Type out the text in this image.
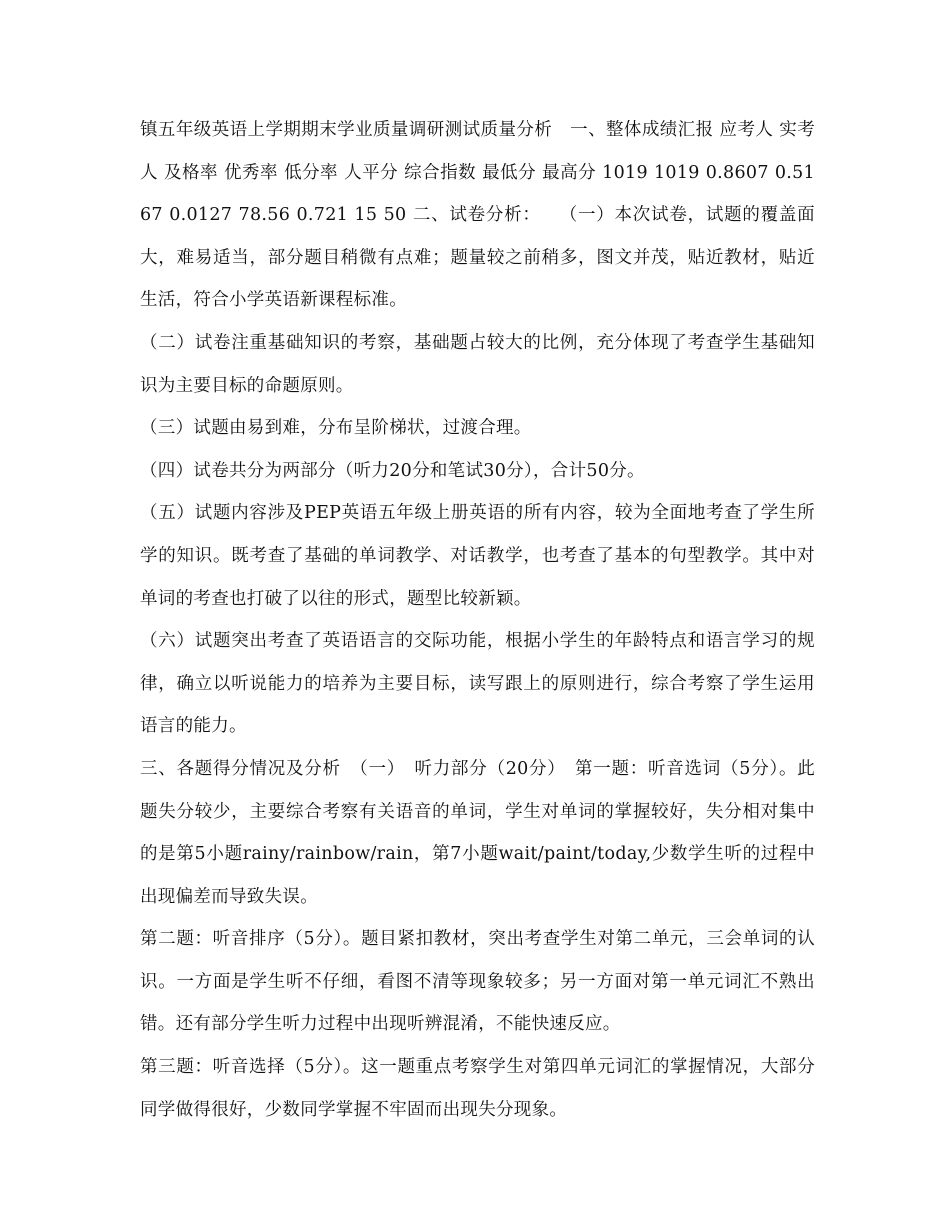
镇五年级英语上学期期末学业质量调研测试质量分析　一、整体成绩汇报 应考人 实考人 及格率 优秀率 低分率 人平分 综合指数 最低分 最高分 1019 1019 0.8607 0.5167 0.0127 78.56 0.721 15 50 二、试卷分析：　　（一）本次试卷，试题的覆盖面大，难易适当，部分题目稍微有点难；题量较之前稍多，图文并茂，贴近教材，贴近生活，符合小学英语新课程标准。

（二）试卷注重基础知识的考察，基础题占较大的比例，充分体现了考查学生基础知识为主要目标的命题原则。

（三）试题由易到难，分布呈阶梯状，过渡合理。

（四）试卷共分为两部分（听力20分和笔试30分），合计50分。

（五）试题内容涉及PEP英语五年级上册英语的所有内容，较为全面地考查了学生所学的知识。既考查了基础的单词教学、对话教学，也考查了基本的句型教学。其中对单词的考查也打破了以往的形式，题型比较新颖。

（六）试题突出考查了英语语言的交际功能，根据小学生的年龄特点和语言学习的规律，确立以听说能力的培养为主要目标，读写跟上的原则进行，综合考察了学生运用语言的能力。

三、各题得分情况及分析　（一）　听力部分（20分）　第一题：听音选词（5分）。此题失分较少，主要综合考察有关语音的单词，学生对单词的掌握较好，失分相对集中的是第5小题rainy/rainbow/rain，第7小题wait/paint/today,少数学生听的过程中出现偏差而导致失误。

第二题：听音排序（5分）。题目紧扣教材，突出考查学生对第二单元，三会单词的认识。一方面是学生听不仔细，看图不清等现象较多；另一方面对第一单元词汇不熟出错。还有部分学生听力过程中出现听辨混淆，不能快速反应。

第三题：听音选择（5分）。这一题重点考察学生对第四单元词汇的掌握情况，大部分同学做得很好，少数同学掌握不牢固而出现失分现象。
